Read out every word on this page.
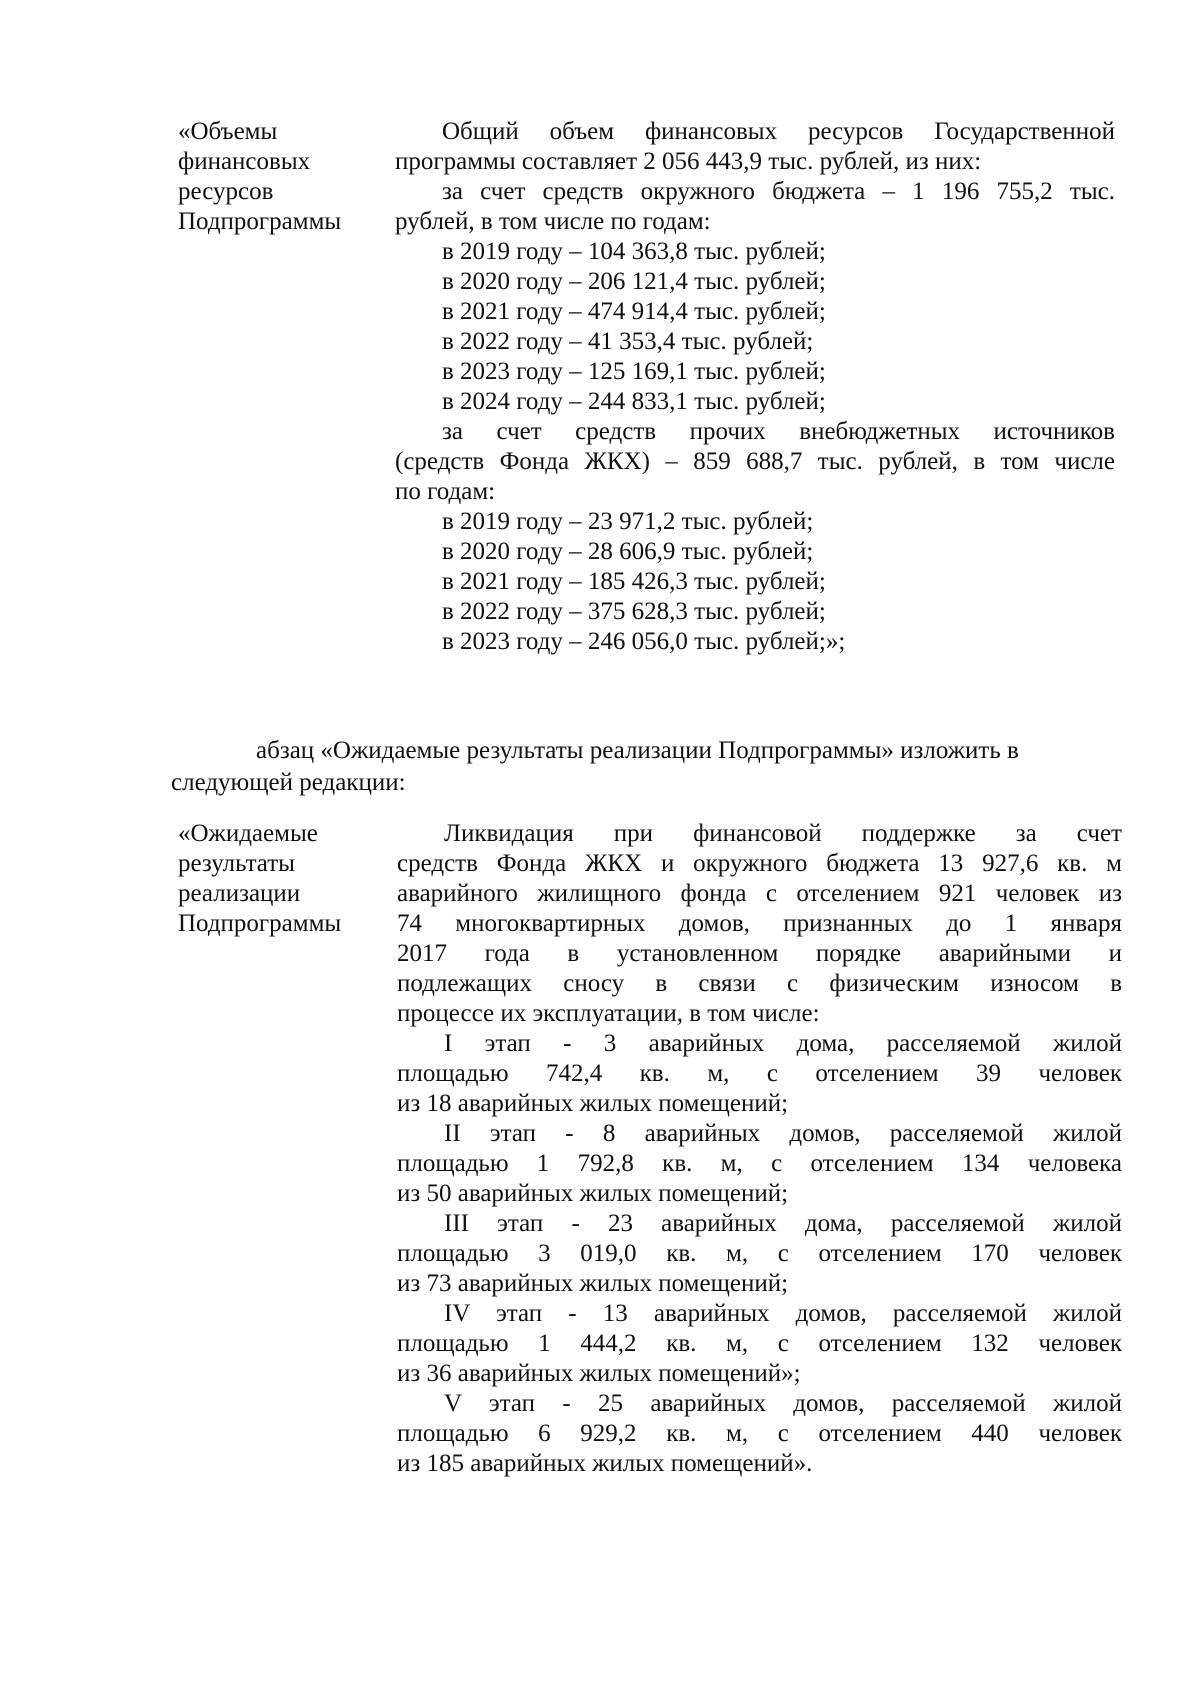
«Объемы
финансовых
ресурсов
Подпрограммы
Общий объем финансовых ресурсов Государственной
программы составляет 2 056 443,9 тыс. рублей, из них:
за счет средств окружного бюджета – 1 196 755,2 тыс.
рублей, в том числе по годам:
в 2019 году – 104 363,8 тыс. рублей;
в 2020 году – 206 121,4 тыс. рублей;
в 2021 году – 474 914,4 тыс. рублей;
в 2022 году – 41 353,4 тыс. рублей;
в 2023 году – 125 169,1 тыс. рублей;
в 2024 году – 244 833,1 тыс. рублей;
за счет средств прочих внебюджетных источников
(средств Фонда ЖКХ) – 859 688,7 тыс. рублей, в том числе
по годам:
в 2019 году – 23 971,2 тыс. рублей;
в 2020 году – 28 606,9 тыс. рублей;
в 2021 году – 185 426,3 тыс. рублей;
в 2022 году – 375 628,3 тыс. рублей;
в 2023 году – 246 056,0 тыс. рублей;»;
абзац «Ожидаемые результаты реализации Подпрограммы» изложить в
следующей редакции:
«Ожидаемые
результаты
реализации
Подпрограммы
Ликвидация при финансовой поддержке за счет
средств Фонда ЖКХ и окружного бюджета 13 927,6 кв. м
аварийного жилищного фонда с отселением 921 человек из
74 многоквартирных домов, признанных до 1 января
2017 года в установленном порядке аварийными и
подлежащих сносу в связи с физическим износом в
процессе их эксплуатации, в том числе:
I этап - 3 аварийных дома, расселяемой жилой
площадью 742,4 кв. м, с отселением 39 человек
из 18 аварийных жилых помещений;
II этап - 8 аварийных домов, расселяемой жилой
площадью 1 792,8 кв. м, с отселением 134 человека
из 50 аварийных жилых помещений;
III этап - 23 аварийных дома, расселяемой жилой
площадью 3 019,0 кв. м, с отселением 170 человек
из 73 аварийных жилых помещений;
IV этап - 13 аварийных домов, расселяемой жилой
площадью 1 444,2 кв. м, с отселением 132 человек
из 36 аварийных жилых помещений»;
V этап - 25 аварийных домов, расселяемой жилой
площадью 6 929,2 кв. м, с отселением 440 человек
из 185 аварийных жилых помещений».
